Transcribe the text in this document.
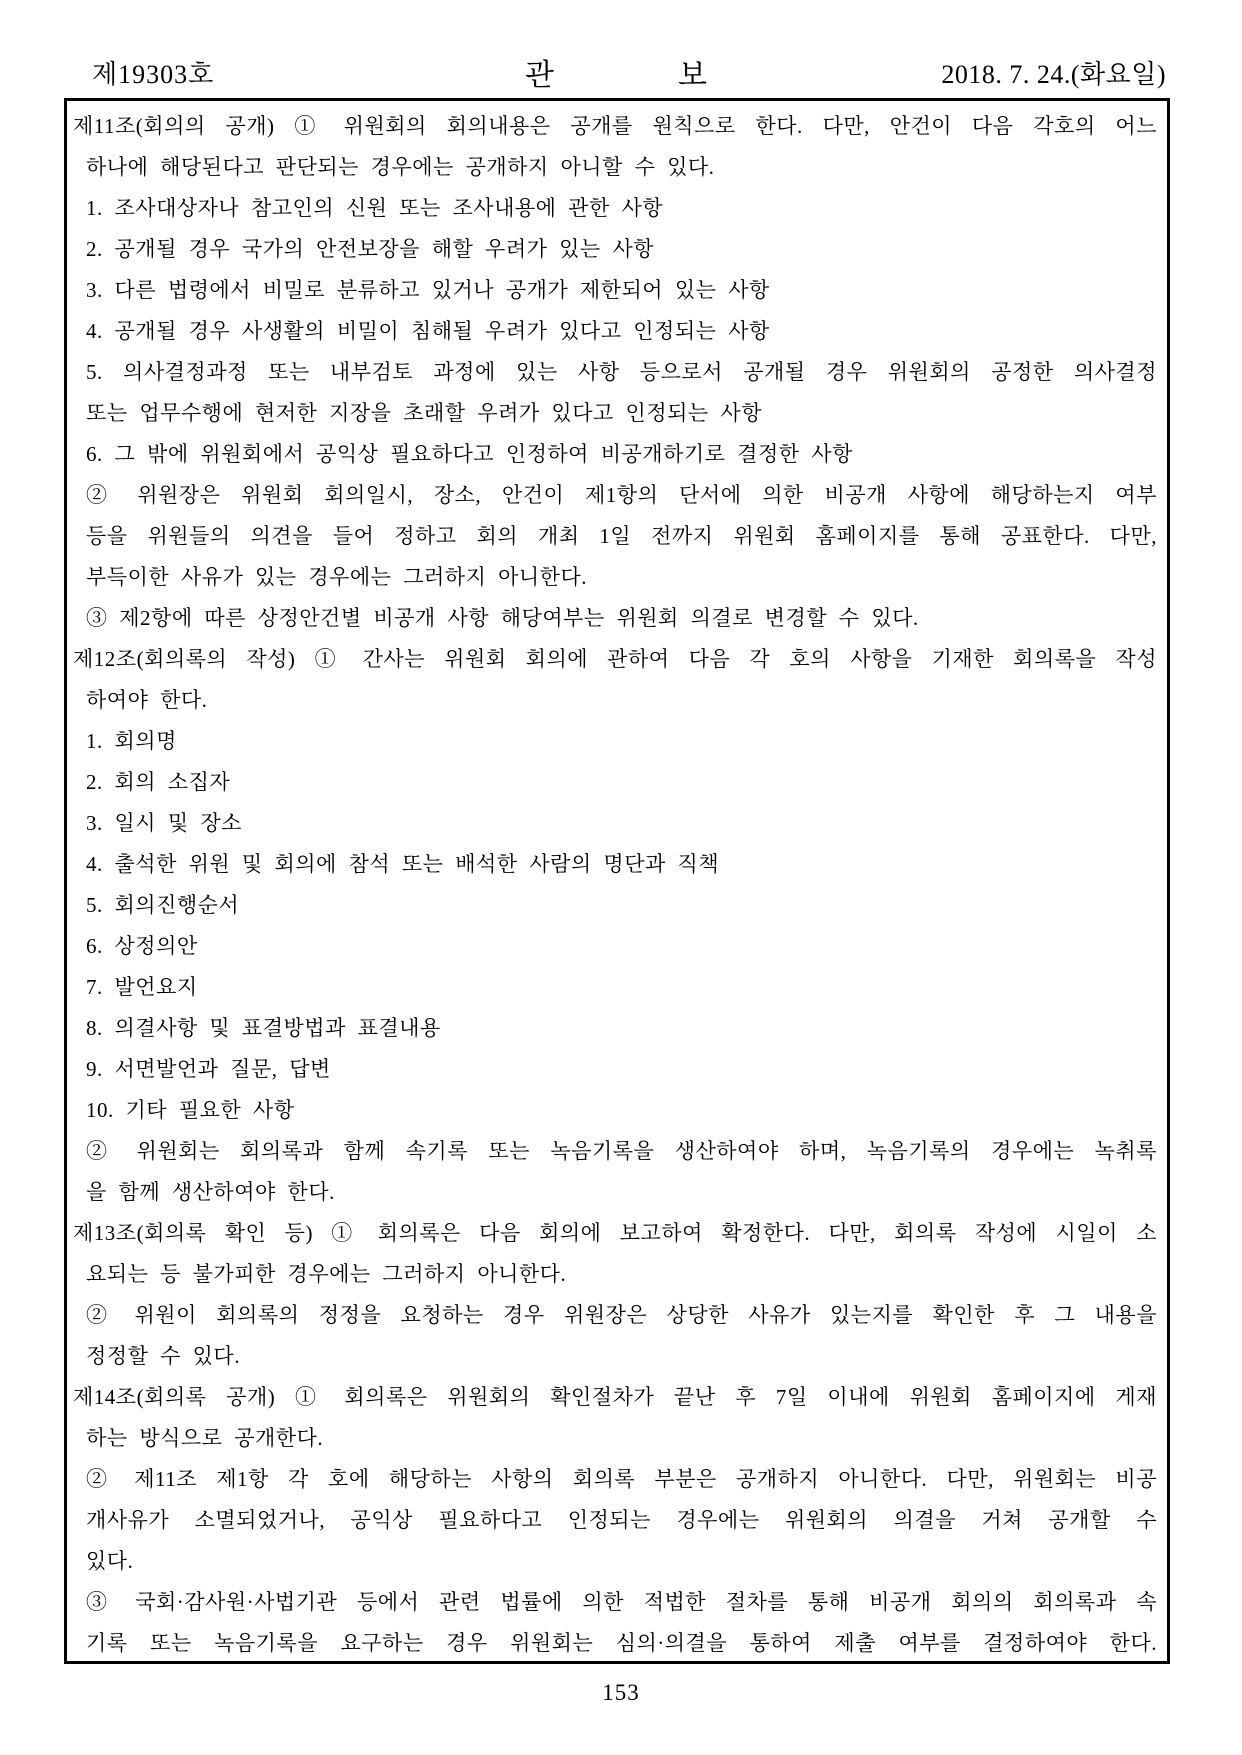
제19303호	관	보	2018. 7. 24.(화요일)
제11조(회의의 공개) ① 위원회의 회의내용은 공개를 원칙으로 한다. 다만, 안건이 다음 각호의 어느
하나에 해당된다고 판단되는 경우에는 공개하지 아니할 수 있다.
1. 조사대상자나 참고인의 신원 또는 조사내용에 관한 사항
2. 공개될 경우 국가의 안전보장을 해할 우려가 있는 사항
3. 다른 법령에서 비밀로 분류하고 있거나 공개가 제한되어 있는 사항
4. 공개될 경우 사생활의 비밀이 침해될 우려가 있다고 인정되는 사항
5. 의사결정과정 또는 내부검토 과정에 있는 사항 등으로서 공개될 경우 위원회의 공정한 의사결정
또는 업무수행에 현저한 지장을 초래할 우려가 있다고 인정되는 사항
6. 그 밖에 위원회에서 공익상 필요하다고 인정하여 비공개하기로 결정한 사항
② 위원장은 위원회 회의일시, 장소, 안건이 제1항의 단서에 의한 비공개 사항에 해당하는지 여부
등을 위원들의 의견을 들어 정하고 회의 개최 1일 전까지 위원회 홈페이지를 통해 공표한다. 다만,
부득이한 사유가 있는 경우에는 그러하지 아니한다.
③ 제2항에 따른 상정안건별 비공개 사항 해당여부는 위원회 의결로 변경할 수 있다.
제12조(회의록의 작성) ① 간사는 위원회 회의에 관하여 다음 각 호의 사항을 기재한 회의록을 작성
하여야 한다.
1. 회의명
2. 회의 소집자
3. 일시 및 장소
4. 출석한 위원 및 회의에 참석 또는 배석한 사람의 명단과 직책
5. 회의진행순서
6. 상정의안
7. 발언요지
8. 의결사항 및 표결방법과 표결내용
9. 서면발언과 질문, 답변
10. 기타 필요한 사항
② 위원회는 회의록과 함께 속기록 또는 녹음기록을 생산하여야 하며, 녹음기록의 경우에는 녹취록
을 함께 생산하여야 한다.
제13조(회의록 확인 등) ① 회의록은 다음 회의에 보고하여 확정한다. 다만, 회의록 작성에 시일이 소
요되는 등 불가피한 경우에는 그러하지 아니한다.
② 위원이 회의록의 정정을 요청하는 경우 위원장은 상당한 사유가 있는지를 확인한 후 그 내용을
정정할 수 있다.
제14조(회의록 공개) ① 회의록은 위원회의 확인절차가 끝난 후 7일 이내에 위원회 홈페이지에 게재
하는 방식으로 공개한다.
② 제11조 제1항 각 호에 해당하는 사항의 회의록 부분은 공개하지 아니한다. 다만, 위원회는 비공
개사유가 소멸되었거나, 공익상 필요하다고 인정되는 경우에는 위원회의 의결을 거쳐 공개할 수
있다.
③ 국회·감사원·사법기관 등에서 관련 법률에 의한 적법한 절차를 통해 비공개 회의의 회의록과 속
기록 또는 녹음기록을 요구하는 경우 위원회는 심의·의결을 통하여 제출 여부를 결정하여야 한다.
153
